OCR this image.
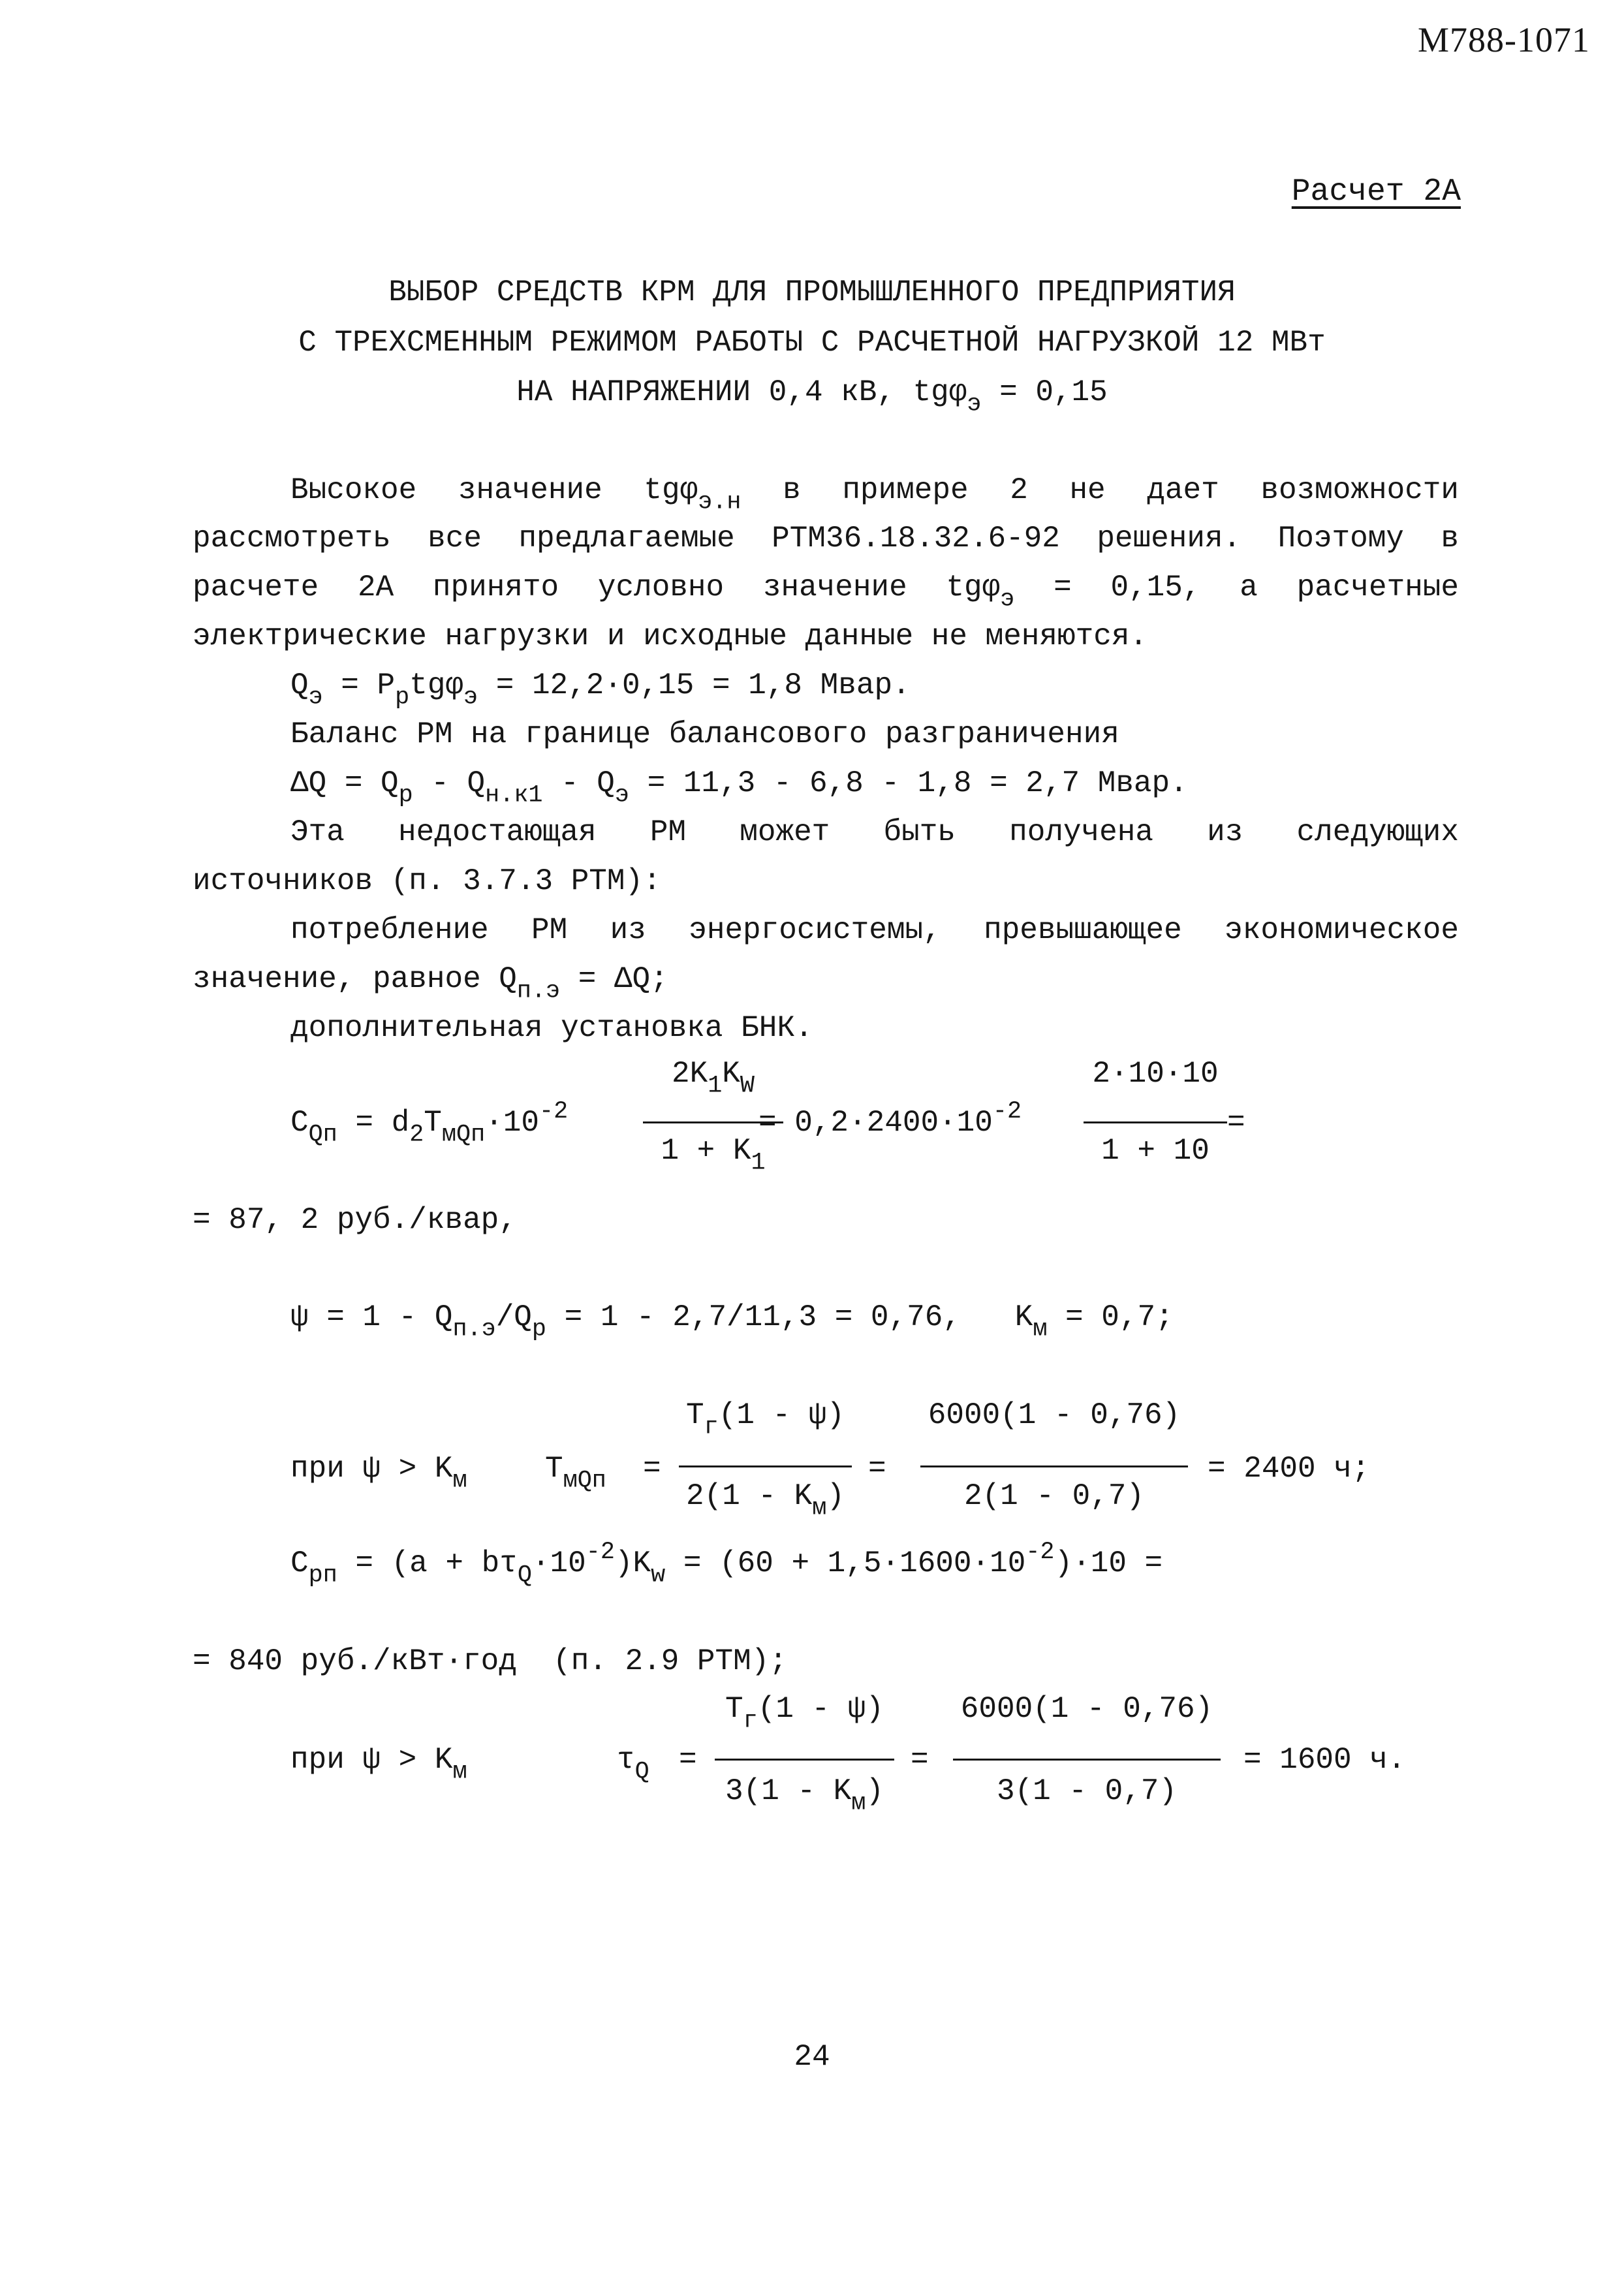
М788-1071
Расчет 2А
ВЫБОР СРЕДСТВ КРМ ДЛЯ ПРОМЫШЛЕННОГО ПРЕДПРИЯТИЯ
С ТРЕХСМЕННЫМ РЕЖИМОМ РАБОТЫ С РАСЧЕТНОЙ НАГРУЗКОЙ 12 МВт
НА НАПРЯЖЕНИИ 0,4 кВ, tgφ$_э$ = 0,15
Высокое значение tgφ$_{э.н}$ в примере 2 не дает возможности
рассмотреть все предлагаемые РТМ36.18.32.6-92 решения. Поэтому в
расчете 2А принято условно значение tgφ$_э$ = 0,15, а расчетные
электрические нагрузки и исходные данные не меняются.
$Q_э = P_ptg\varphi_э = 12,2\cdot 0,15 = 1,8$ Мвар.
Баланс РМ на границе балансового разграничения
$\Delta Q = Q_p - Q_{н.к1} - Q_э = 11,3 - 6,8 - 1,8 = 2,7$ Мвар.
Эта недостающая РМ может быть получена из следующих
источников (п. 3.7.3 РТМ):
потребление РМ из энергосистемы, превышающее экономическое
значение, равное $Q_{п.э} = \Delta Q$;
дополнительная установка БНК.
$C_{Qп} = d_2T_{мQп}\cdot 10^{-2}$
$2K_1K_W$
$1 + K_1$
= $0,2\cdot 2400\cdot 10^{-2}$
2·10·10
1 + 10
=
= 87, 2 руб./квар,
$\psi = 1 - Q_{п.э}/Q_p = 1 - 2,7/11,3 = 0,76$, $K_м = 0,7$;
при $\psi > K_м$	$T_{мQп}$ =
$T_г(1 - \psi)$
$2(1 - K_м)$
=
6000(1 - 0,76)
2(1 - 0,7)
= 2400 ч;
$C_{рп} = (a + b\tau_Q\cdot 10^{-2})K_w = (60 + 1,5\cdot 1600\cdot 10^{-2})\cdot 10$ =
= 840 руб./кВт·год  (п. 2.9 РТМ);
при $\psi > K_м$	$\tau_Q$ =
$T_г(1 - \psi)$
$3(1 - K_м)$
=
6000(1 - 0,76)
3(1 - 0,7)
= 1600 ч.
24
